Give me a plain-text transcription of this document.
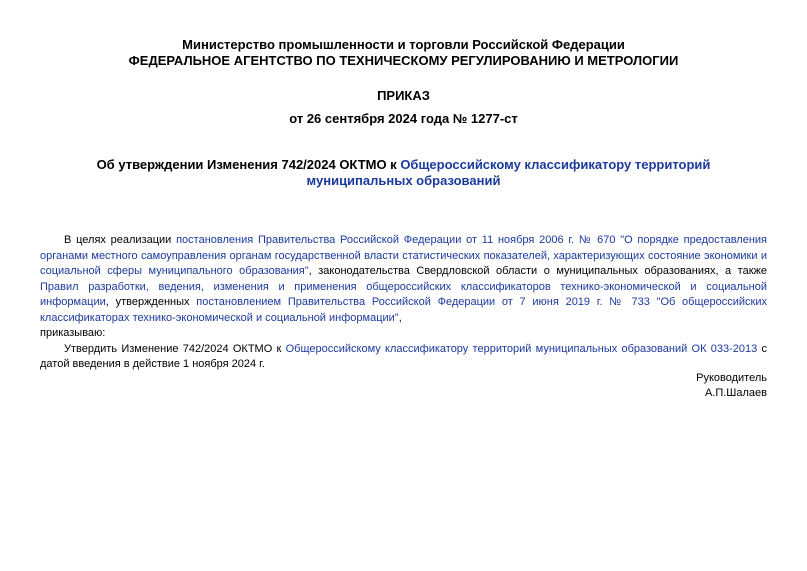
Министерство промышленности и торговли Российской Федерации
ФЕДЕРАЛЬНОЕ АГЕНТСТВО ПО ТЕХНИЧЕСКОМУ РЕГУЛИРОВАНИЮ И МЕТРОЛОГИИ
ПРИКАЗ
от 26 сентября 2024 года № 1277-ст
Об утверждении Изменения 742/2024 ОКТМО к Общероссийскому классификатору территорий муниципальных образований

В целях реализации постановления Правительства Российской Федерации от 11 ноября 2006 г. № 670 "О порядке предоставления органами местного самоуправления органам государственной власти статистических показателей, характеризующих состояние экономики и социальной сферы муниципального образования", законодательства Свердловской области о муниципальных образованиях, а также Правил разработки, ведения, изменения и применения общероссийских классификаторов технико-экономической и социальной информации, утвержденных постановлением Правительства Российской Федерации от 7 июня 2019 г. № 733 "Об общероссийских классификаторах технико-экономической и социальной информации",

приказываю:

Утвердить Изменение 742/2024 ОКТМО к Общероссийскому классификатору территорий муниципальных образований ОК 033-2013 с датой введения в действие 1 ноября 2024 г.

Руководитель
А.П.Шалаев
